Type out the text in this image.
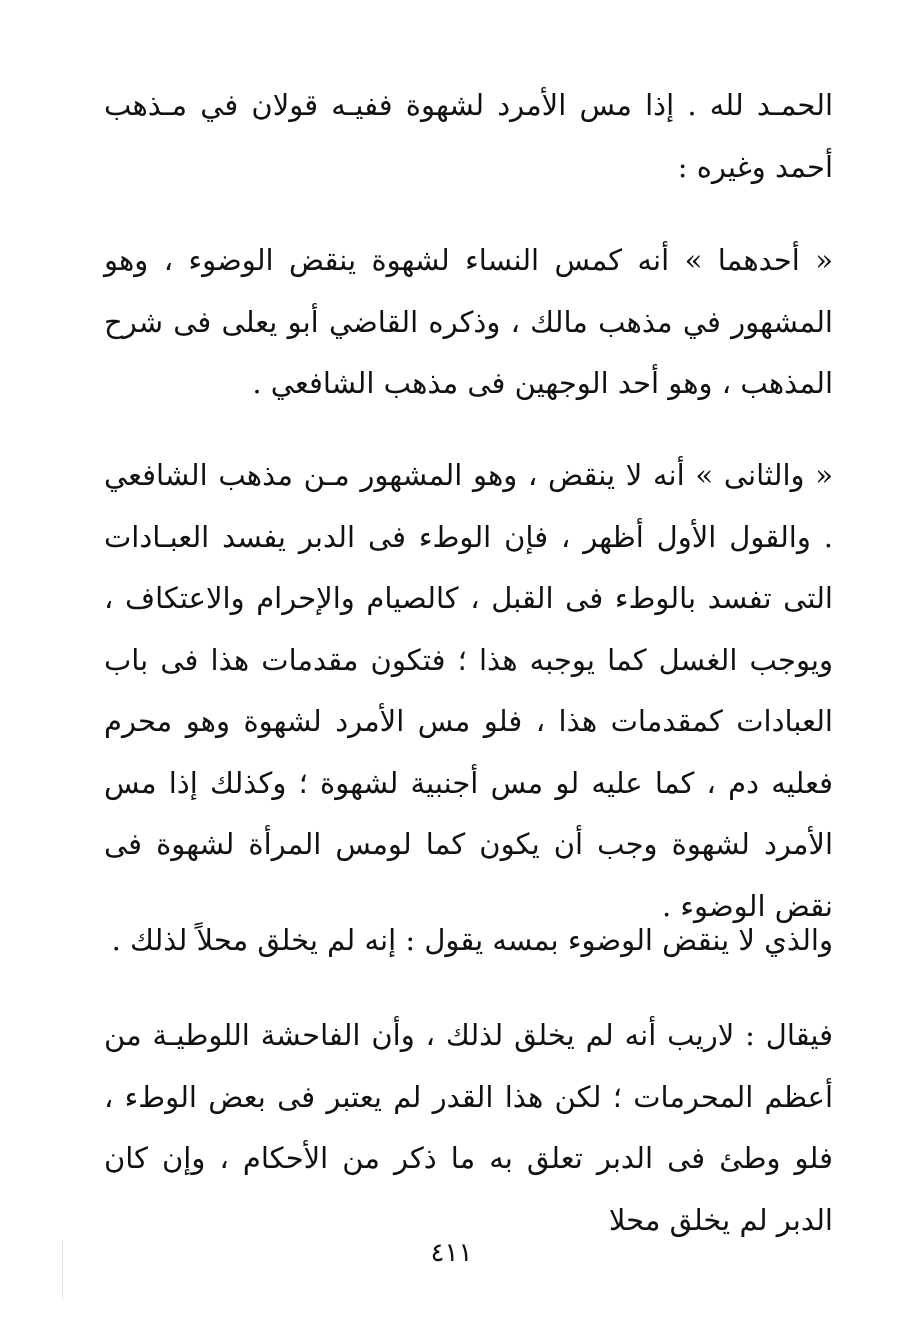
الحمـد لله . إذا مس الأمرد لشهوة ففيـه قولان في مـذهب أحمد وغيره :

« أحدهما » أنه كمس النساء لشهوة ينقض الوضوء ، وهو المشهور في مذهب مالك ، وذكره القاضي أبو يعلى فى شرح المذهب ، وهو أحد الوجهين فى مذهب الشافعي .

« والثانى » أنه لا ينقض ، وهو المشهور مـن مذهب الشافعي . والقول الأول أظهر ، فإن الوطء فى الدبر يفسد العبـادات التى تفسد بالوطء فى القبل ، كالصيام والإحرام والاعتكاف ، ويوجب الغسل كما يوجبه هذا ؛ فتكون مقدمات هذا فى باب العبادات كمقدمات هذا ، فلو مس الأمرد لشهوة وهو محرم فعليه دم ، كما عليه لو مس أجنبية لشهوة ؛ وكذلك إذا مس الأمرد لشهوة وجب أن يكون كما لومس المرأة لشهوة فى نقض الوضوء .

والذي لا ينقض الوضوء بمسه يقول : إنه لم يخلق محلاً لذلك .

فيقال : لاريب أنه لم يخلق لذلك ، وأن الفاحشة اللوطيـة من أعظم المحرمات ؛ لكن هذا القدر لم يعتبر فى بعض الوطء ، فلو وطئ فى الدبر تعلق به ما ذكر من الأحكام ، وإن كان الدبر لم يخلق محلا

٤١١
